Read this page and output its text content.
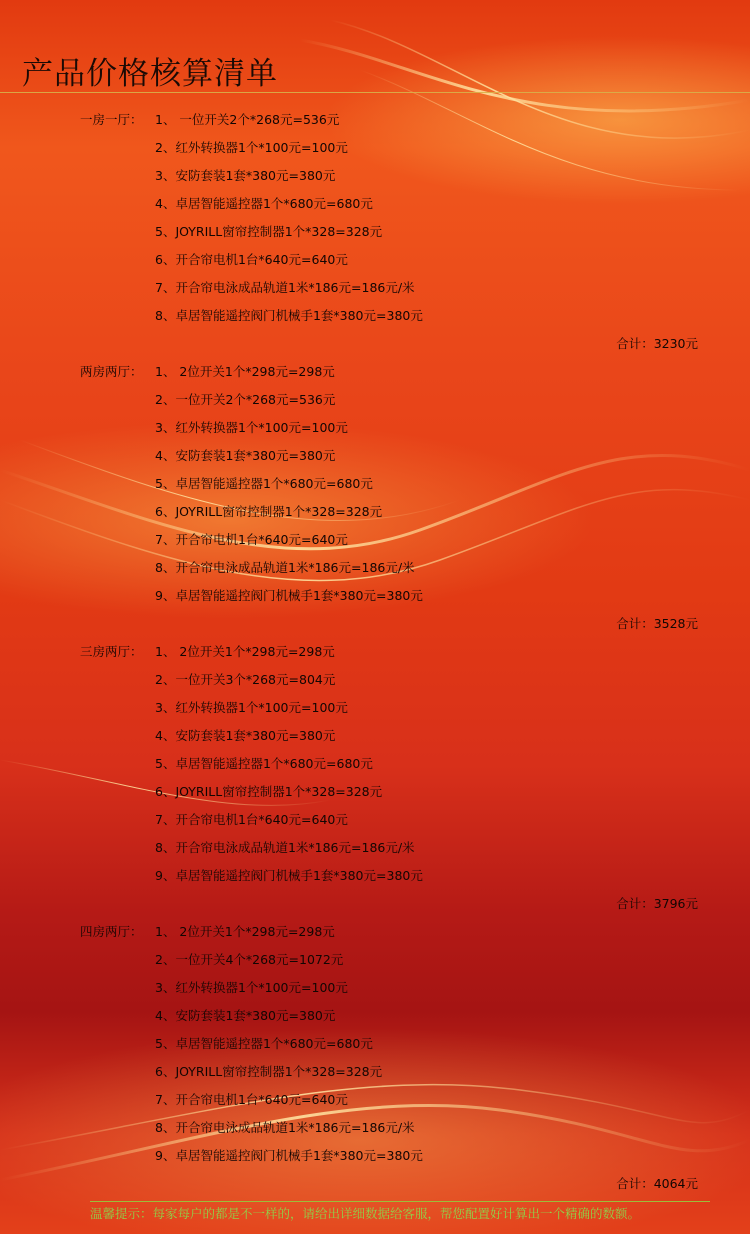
产品价格核算清单
一房一厅： 1、 一位开关2个*268元=536元
2、红外转换器1个*100元=100元
3、安防套装1套*380元=380元
4、卓居智能遥控器1个*680元=680元
5、JOYRILL窗帘控制器1个*328=328元
6、开合帘电机1台*640元=640元
7、开合帘电泳成品轨道1米*186元=186元/米
8、卓居智能遥控阀门机械手1套*380元=380元
合计：3230元
两房两厅： 1、 2位开关1个*298元=298元
2、一位开关2个*268元=536元
3、红外转换器1个*100元=100元
4、安防套装1套*380元=380元
5、卓居智能遥控器1个*680元=680元
6、JOYRILL窗帘控制器1个*328=328元
7、开合帘电机1台*640元=640元
8、开合帘电泳成品轨道1米*186元=186元/米
9、卓居智能遥控阀门机械手1套*380元=380元
合计：3528元
三房两厅： 1、 2位开关1个*298元=298元
2、一位开关3个*268元=804元
3、红外转换器1个*100元=100元
4、安防套装1套*380元=380元
5、卓居智能遥控器1个*680元=680元
6、JOYRILL窗帘控制器1个*328=328元
7、开合帘电机1台*640元=640元
8、开合帘电泳成品轨道1米*186元=186元/米
9、卓居智能遥控阀门机械手1套*380元=380元
合计：3796元
四房两厅： 1、 2位开关1个*298元=298元
2、一位开关4个*268元=1072元
3、红外转换器1个*100元=100元
4、安防套装1套*380元=380元
5、卓居智能遥控器1个*680元=680元
6、JOYRILL窗帘控制器1个*328=328元
7、开合帘电机1台*640元=640元
8、开合帘电泳成品轨道1米*186元=186元/米
9、卓居智能遥控阀门机械手1套*380元=380元
合计：4064元
温馨提示：每家每户的都是不一样的，请给出详细数据给客服，帮您配置好计算出一个精确的数额。
